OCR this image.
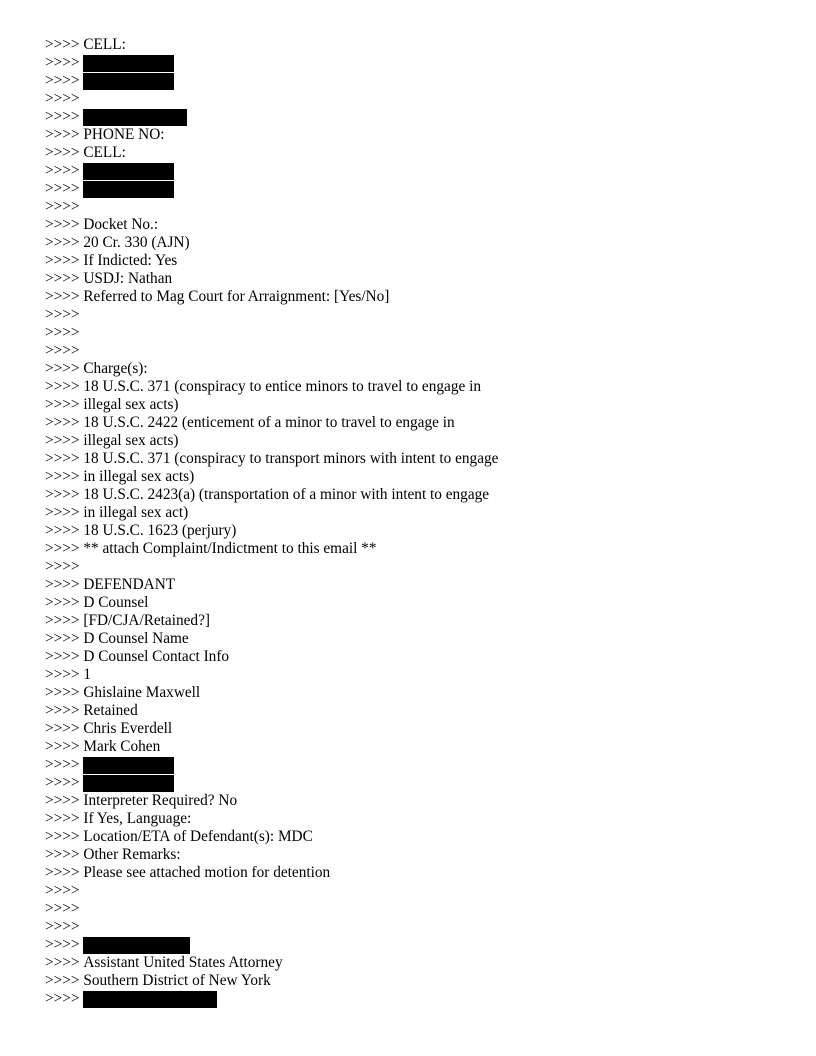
>>>> CELL:
>>>>
>>>>
>>>>
>>>>
>>>> PHONE NO:
>>>> CELL:
>>>>
>>>>
>>>>
>>>> Docket No.:
>>>> 20 Cr. 330 (AJN)
>>>> If Indicted: Yes
>>>> USDJ: Nathan
>>>> Referred to Mag Court for Arraignment: [Yes/No]
>>>>
>>>>
>>>>
>>>> Charge(s):
>>>> 18 U.S.C. 371 (conspiracy to entice minors to travel to engage in
>>>> illegal sex acts)
>>>> 18 U.S.C. 2422 (enticement of a minor to travel to engage in
>>>> illegal sex acts)
>>>> 18 U.S.C. 371 (conspiracy to transport minors with intent to engage
>>>> in illegal sex acts)
>>>> 18 U.S.C. 2423(a) (transportation of a minor with intent to engage
>>>> in illegal sex act)
>>>> 18 U.S.C. 1623 (perjury)
>>>> ** attach Complaint/Indictment to this email **
>>>>
>>>> DEFENDANT
>>>> D Counsel
>>>> [FD/CJA/Retained?]
>>>> D Counsel Name
>>>> D Counsel Contact Info
>>>> 1
>>>> Ghislaine Maxwell
>>>> Retained
>>>> Chris Everdell
>>>> Mark Cohen
>>>>
>>>>
>>>> Interpreter Required? No
>>>> If Yes, Language:
>>>> Location/ETA of Defendant(s): MDC
>>>> Other Remarks:
>>>> Please see attached motion for detention
>>>>
>>>>
>>>>
>>>>
>>>> Assistant United States Attorney
>>>> Southern District of New York
>>>>
